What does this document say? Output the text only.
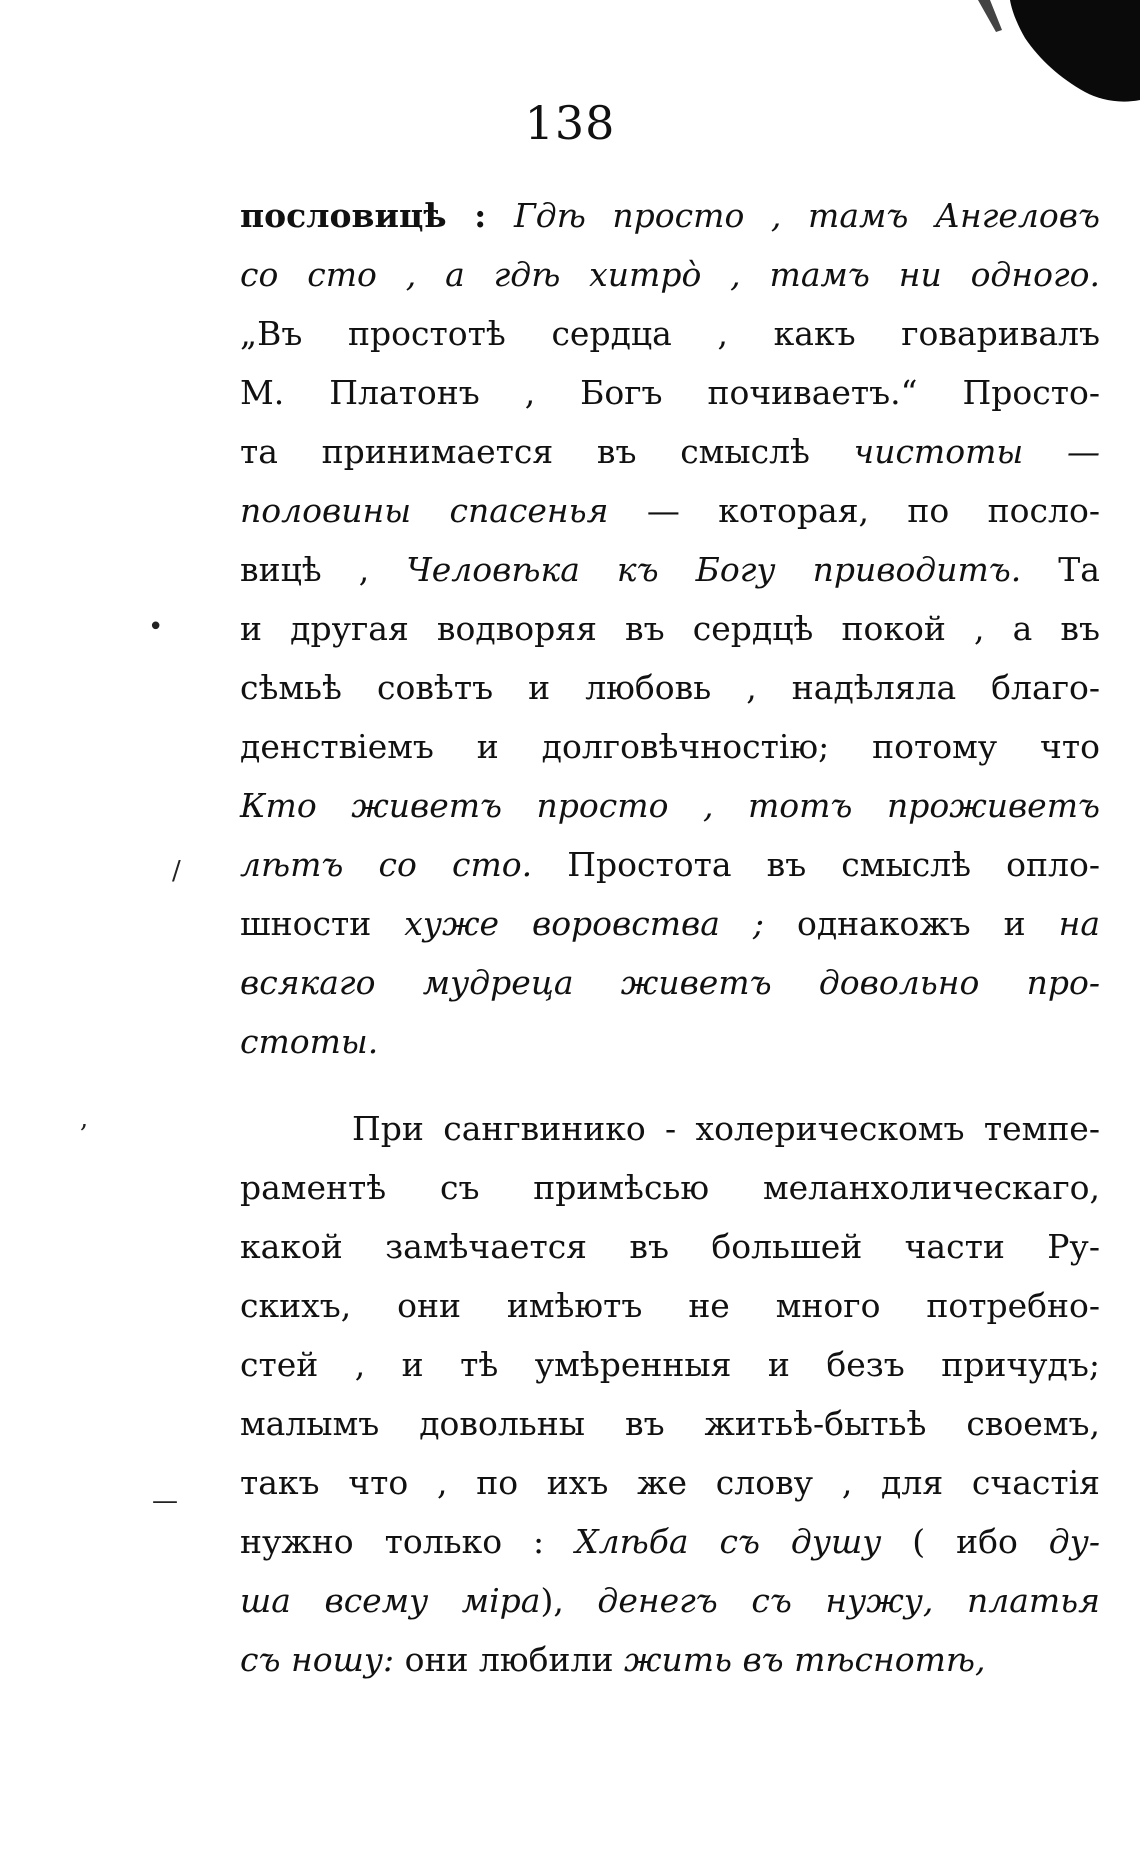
138
•
/
,
—
пословицѣ : Гдѣ просто , тамъ Ангеловъ
со сто , а гдѣ хитрò , тамъ ни одного.
„Въ простотѣ сердца , какъ говаривалъ
М. Платонъ , Богъ почиваетъ.“ Просто-
та принимается въ смыслѣ чистоты —
половины спасенья — которая, по посло-
вицѣ , Человѣка къ Богу приводитъ. Та
и другая водворяя въ сердцѣ покой , а въ
сѣмьѣ совѣтъ и любовь , надѣляла благо-
денствіемъ и долговѣчностію; потому что
Кто живетъ просто , тотъ проживетъ
лѣтъ со сто. Простота въ смыслѣ опло-
шности хуже воровства ; однакожъ и на
всякаго мудреца живетъ довольно про-
стоты.
При сангвинико - холерическомъ темпе-
раментѣ съ примѣсью меланхолическаго,
какой замѣчается въ большей части Ру-
скихъ, они имѣютъ не много потребно-
стей , и тѣ умѣренныя и безъ причудъ;
малымъ довольны въ житьѣ-бытьѣ своемъ,
такъ что , по ихъ же слову , для счастія
нужно только : Хлѣба съ душу ( ибо ду-
ша всему міра), денегъ съ нужу, платья
съ ношу: они любили жить въ тѣснотѣ,
